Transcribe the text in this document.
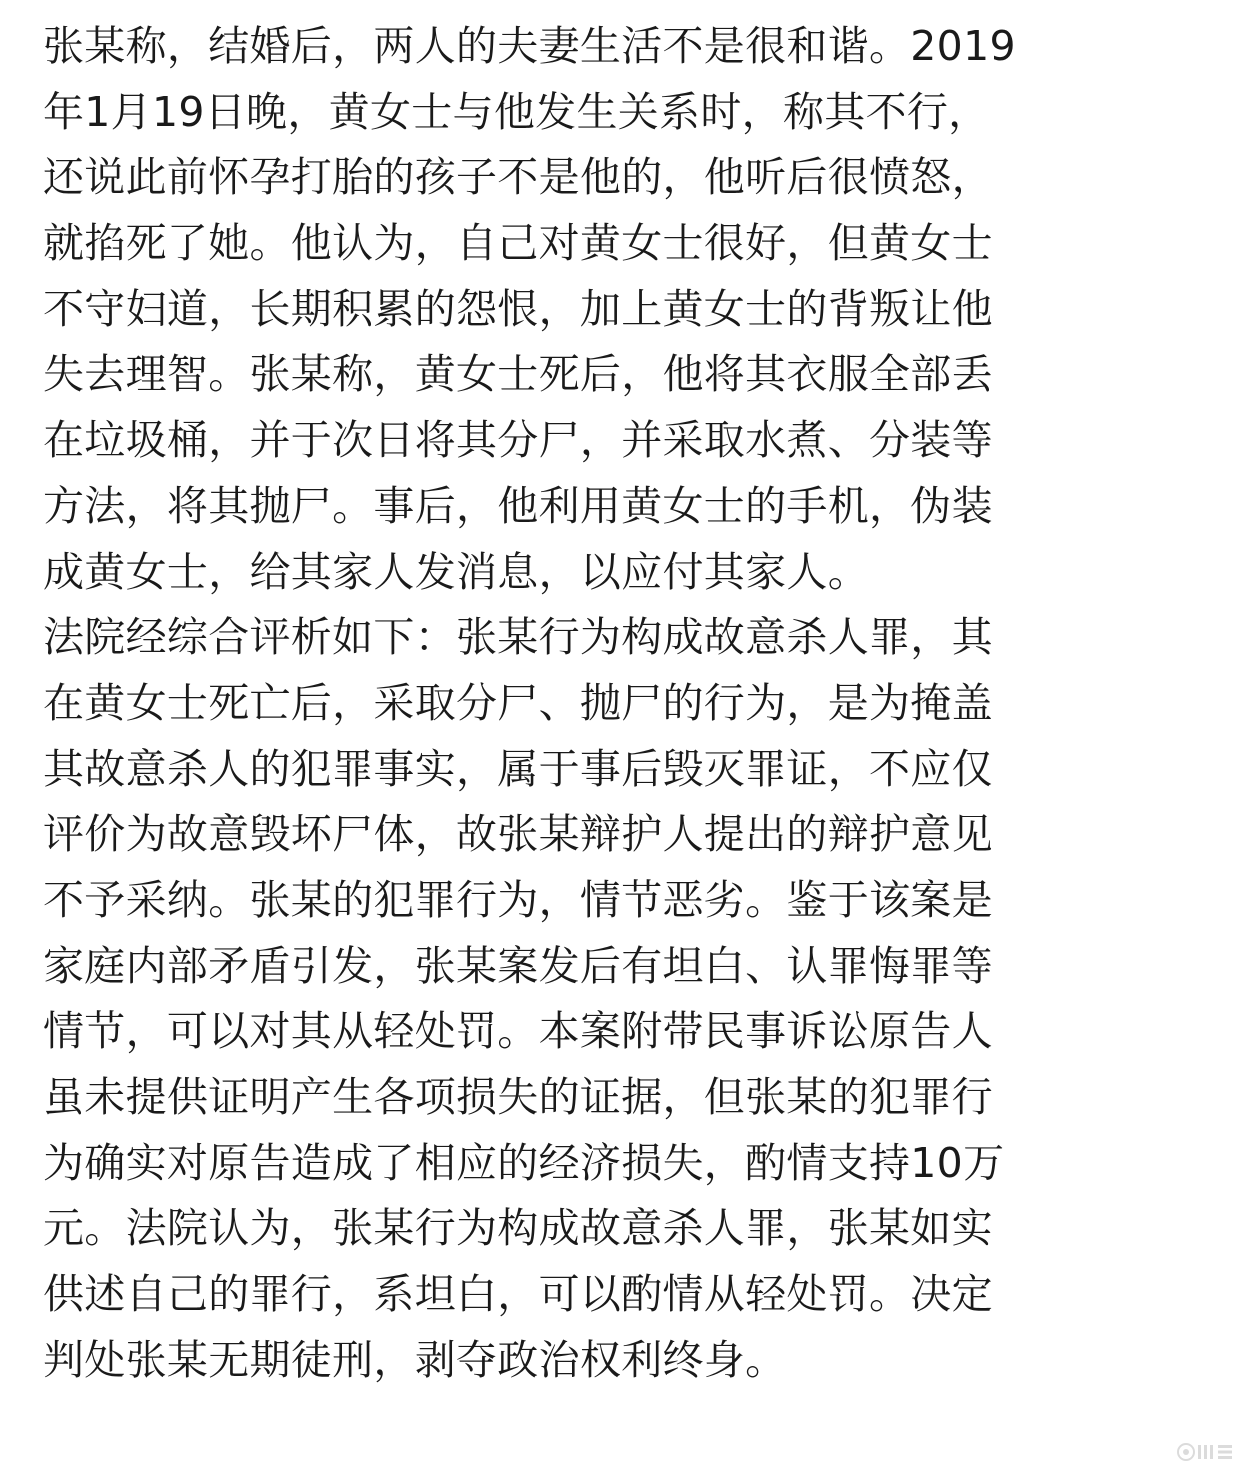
张某称，结婚后，两人的夫妻生活不是很和谐。2019
年1月19日晚，黄女士与他发生关系时，称其不行，
还说此前怀孕打胎的孩子不是他的，他听后很愤怒，
就掐死了她。他认为，自己对黄女士很好，但黄女士
不守妇道，长期积累的怨恨，加上黄女士的背叛让他
失去理智。张某称，黄女士死后，他将其衣服全部丢
在垃圾桶，并于次日将其分尸，并采取水煮、分装等
方法，将其抛尸。事后，他利用黄女士的手机，伪装
成黄女士，给其家人发消息，以应付其家人。
法院经综合评析如下：张某行为构成故意杀人罪，其
在黄女士死亡后，采取分尸、抛尸的行为，是为掩盖
其故意杀人的犯罪事实，属于事后毁灭罪证，不应仅
评价为故意毁坏尸体，故张某辩护人提出的辩护意见
不予采纳。张某的犯罪行为，情节恶劣。鉴于该案是
家庭内部矛盾引发，张某案发后有坦白、认罪悔罪等
情节，可以对其从轻处罚。本案附带民事诉讼原告人
虽未提供证明产生各项损失的证据，但张某的犯罪行
为确实对原告造成了相应的经济损失，酌情支持10万
元。法院认为，张某行为构成故意杀人罪，张某如实
供述自己的罪行，系坦白，可以酌情从轻处罚。决定
判处张某无期徒刑，剥夺政治权利终身。
